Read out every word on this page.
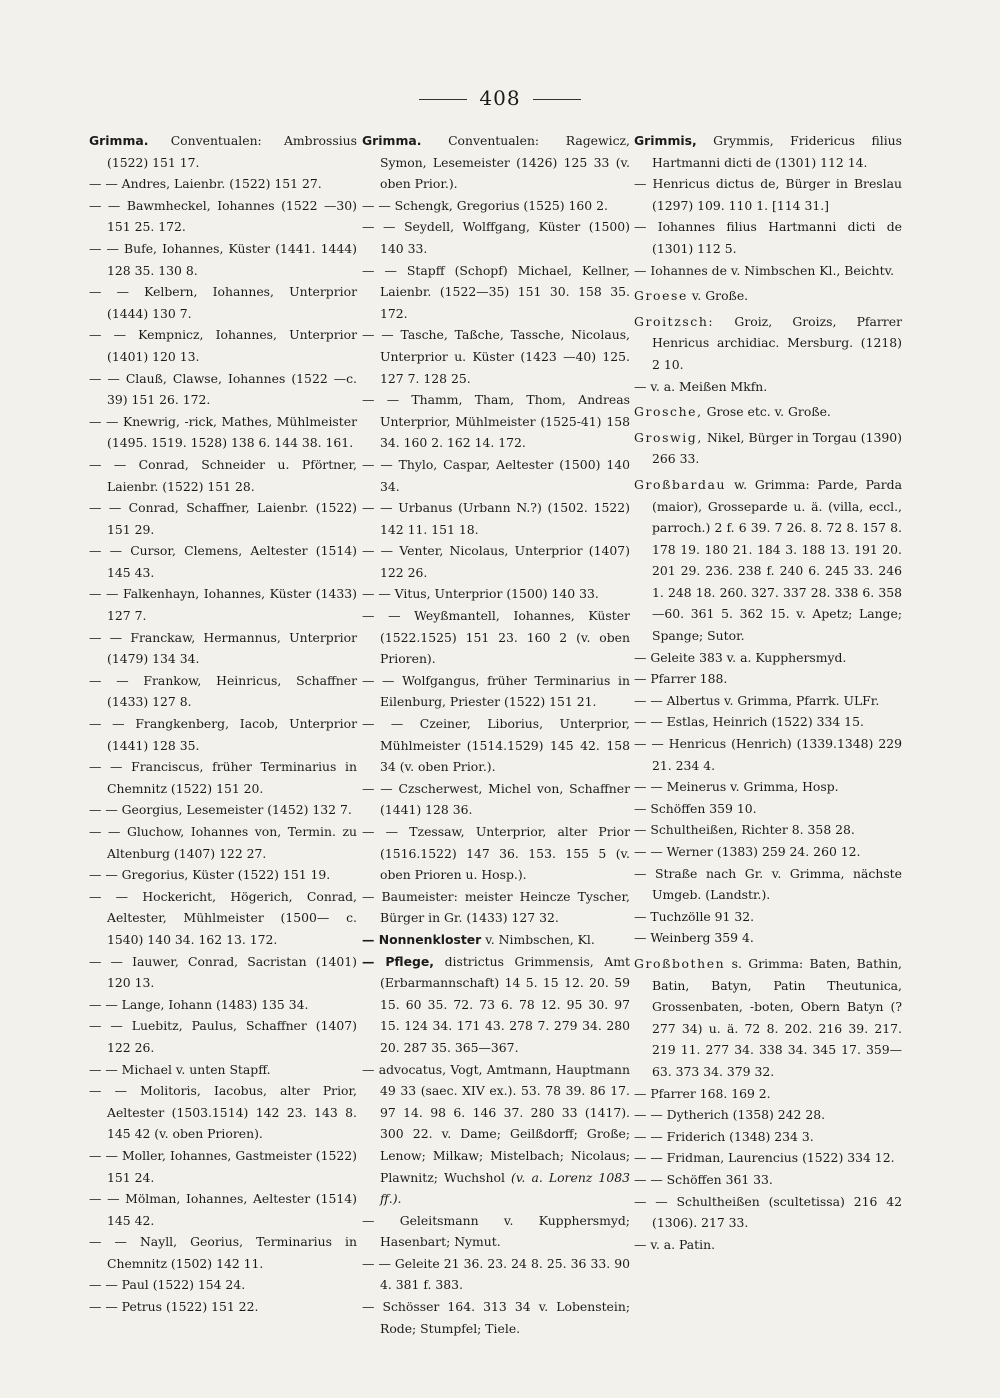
408

Grimma. Conventualen: Ambrossius (1522) 151 17.

— — Andres, Laienbr. (1522) 151 27.

— — Bawmheckel, Iohannes (1522 —30) 151 25. 172.

— — Bufe, Iohannes, Küster (1441. 1444) 128 35. 130 8.

— — Kelbern, Iohannes, Unterprior (1444) 130 7.

— — Kempnicz, Iohannes, Unterprior (1401) 120 13.

— — Clauß, Clawse, Iohannes (1522 —c. 39) 151 26. 172.

— — Knewrig, -rick, Mathes, Mühlmeister (1495. 1519. 1528) 138 6. 144 38. 161.

— — Conrad, Schneider u. Pförtner, Laienbr. (1522) 151 28.

— — Conrad, Schaffner, Laienbr. (1522) 151 29.

— — Cursor, Clemens, Aeltester (1514) 145 43.

— — Falkenhayn, Iohannes, Küster (1433) 127 7.

— — Franckaw, Hermannus, Unterprior (1479) 134 34.

— — Frankow, Heinricus, Schaffner (1433) 127 8.

— — Frangkenberg, Iacob, Unterprior (1441) 128 35.

— — Franciscus, früher Terminarius in Chemnitz (1522) 151 20.

— — Georgius, Lesemeister (1452) 132 7.

— — Gluchow, Iohannes von, Termin. zu Altenburg (1407) 122 27.

— — Gregorius, Küster (1522) 151 19.

— — Hockericht, Högerich, Conrad, Aeltester, Mühlmeister (1500— c. 1540) 140 34. 162 13. 172.

— — Iauwer, Conrad, Sacristan (1401) 120 13.

— — Lange, Iohann (1483) 135 34.

— — Luebitz, Paulus, Schaffner (1407) 122 26.

— — Michael v. unten Stapff.

— — Molitoris, Iacobus, alter Prior, Aeltester (1503.1514) 142 23. 143 8. 145 42 (v. oben Prioren).

— — Moller, Iohannes, Gastmeister (1522) 151 24.

— — Mölman, Iohannes, Aeltester (1514) 145 42.

— — Nayll, Georius, Terminarius in Chemnitz (1502) 142 11.

— — Paul (1522) 154 24.

— — Petrus (1522) 151 22.

Grimma. Conventualen: Ragewicz, Symon, Lesemeister (1426) 125 33 (v. oben Prior.).

— — Schengk, Gregorius (1525) 160 2.

— — Seydell, Wolffgang, Küster (1500) 140 33.

— — Stapff (Schopf) Michael, Kellner, Laienbr. (1522—35) 151 30. 158 35. 172.

— — Tasche, Taßche, Tassche, Nicolaus, Unterprior u. Küster (1423 —40) 125. 127 7. 128 25.

— — Thamm, Tham, Thom, Andreas Unterprior, Mühlmeister (1525-41) 158 34. 160 2. 162 14. 172.

— — Thylo, Caspar, Aeltester (1500) 140 34.

— — Urbanus (Urbann N.?) (1502. 1522) 142 11. 151 18.

— — Venter, Nicolaus, Unterprior (1407) 122 26.

— — Vitus, Unterprior (1500) 140 33.

— — Weyßmantell, Iohannes, Küster (1522.1525) 151 23. 160 2 (v. oben Prioren).

— — Wolfgangus, früher Terminarius in Eilenburg, Priester (1522) 151 21.

— — Czeiner, Liborius, Unterprior, Mühlmeister (1514.1529) 145 42. 158 34 (v. oben Prior.).

— — Czscherwest, Michel von, Schaffner (1441) 128 36.

— — Tzessaw, Unterprior, alter Prior (1516.1522) 147 36. 153. 155 5 (v. oben Prioren u. Hosp.).

— Baumeister: meister Heincze Tyscher, Bürger in Gr. (1433) 127 32.

— Nonnenkloster v. Nimbschen, Kl.

— Pflege, districtus Grimmensis, Amt (Erbarmannschaft) 14 5. 15 12. 20. 59 15. 60 35. 72. 73 6. 78 12. 95 30. 97 15. 124 34. 171 43. 278 7. 279 34. 280 20. 287 35. 365—367.

— advocatus, Vogt, Amtmann, Hauptmann 49 33 (saec. XIV ex.). 53. 78 39. 86 17. 97 14. 98 6. 146 37. 280 33 (1417). 300 22. v. Dame; Geilßdorff; Große; Lenow; Milkaw; Mistelbach; Nicolaus; Plawnitz; Wuchshol (v. a. Lorenz 1083 ff.).

— Geleitsmann v. Kupphersmyd; Hasenbart; Nymut.

— — Geleite 21 36. 23. 24 8. 25. 36 33. 90 4. 381 f. 383.

— Schösser 164. 313 34 v. Lobenstein; Rode; Stumpfel; Tiele.

Grimmis, Grymmis, Fridericus filius Hartmanni dicti de (1301) 112 14.

— Henricus dictus de, Bürger in Breslau (1297) 109. 110 1. [114 31.]

— Iohannes filius Hartmanni dicti de (1301) 112 5.

— Iohannes de v. Nimbschen Kl., Beichtv.

Groese v. Große.

Groitzsch: Groiz, Groizs, Pfarrer Henricus archidiac. Mersburg. (1218) 2 10.

— v. a. Meißen Mkfn.

Grosche, Grose etc. v. Große.

Groswig, Nikel, Bürger in Torgau (1390) 266 33.

Großbardau w. Grimma: Parde, Parda (maior), Grosseparde u. ä. (villa, eccl., parroch.) 2 f. 6 39. 7 26. 8. 72 8. 157 8. 178 19. 180 21. 184 3. 188 13. 191 20. 201 29. 236. 238 f. 240 6. 245 33. 246 1. 248 18. 260. 327. 337 28. 338 6. 358—60. 361 5. 362 15. v. Apetz; Lange; Spange; Sutor.

— Geleite 383 v. a. Kupphersmyd.

— Pfarrer 188.

— — Albertus v. Grimma, Pfarrk. ULFr.

— — Estlas, Heinrich (1522) 334 15.

— — Henricus (Henrich) (1339.1348) 229 21. 234 4.

— — Meinerus v. Grimma, Hosp.

— Schöffen 359 10.

— Schultheißen, Richter 8. 358 28.

— — Werner (1383) 259 24. 260 12.

— Straße nach Gr. v. Grimma, nächste Umgeb. (Landstr.).

— Tuchzölle 91 32.

— Weinberg 359 4.

Großbothen s. Grimma: Baten, Bathin, Batin, Batyn, Patin Theutunica, Grossenbaten, -boten, Obern Batyn (? 277 34) u. ä. 72 8. 202. 216 39. 217. 219 11. 277 34. 338 34. 345 17. 359—63. 373 34. 379 32.

— Pfarrer 168. 169 2.

— — Dytherich (1358) 242 28.

— — Friderich (1348) 234 3.

— — Fridman, Laurencius (1522) 334 12.

— — Schöffen 361 33.

— — Schultheißen (scultetissa) 216 42 (1306). 217 33.

— v. a. Patin.
